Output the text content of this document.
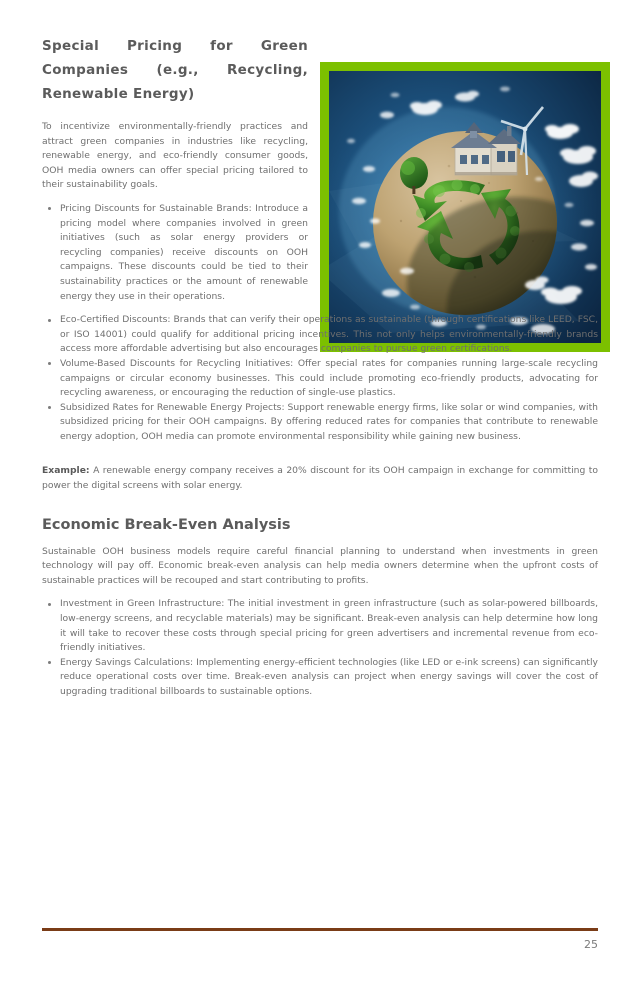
Special Pricing for Green Companies (e.g., Recycling, Renewable Energy)

To incentivize environmentally-friendly practices and attract green companies in industries like recycling, renewable energy, and eco-friendly consumer goods, OOH media owners can offer special pricing tailored to their sustainability goals.

Pricing Discounts for Sustainable Brands: Introduce a pricing model where companies involved in green initiatives (such as solar energy providers or recycling companies) receive discounts on OOH campaigns. These discounts could be tied to their sustainability practices or the amount of renewable energy they use in their operations.
Eco-Certified Discounts: Brands that can verify their operations as sustainable (through certifications like LEED, FSC, or ISO 14001) could qualify for additional pricing incentives. This not only helps environmentally-friendly brands access more affordable advertising but also encourages companies to pursue green certifications.
Volume-Based Discounts for Recycling Initiatives: Offer special rates for companies running large-scale recycling campaigns or circular economy businesses. This could include promoting eco-friendly products, advocating for recycling awareness, or encouraging the reduction of single-use plastics.
Subsidized Rates for Renewable Energy Projects: Support renewable energy firms, like solar or wind companies, with subsidized pricing for their OOH campaigns. By offering reduced rates for companies that contribute to renewable energy adoption, OOH media can promote environmental responsibility while gaining new business.

Example: A renewable energy company receives a 20% discount for its OOH campaign in exchange for committing to power the digital screens with solar energy.

Economic Break-Even Analysis

Sustainable OOH business models require careful financial planning to understand when investments in green technology will pay off. Economic break-even analysis can help media owners determine when the upfront costs of sustainable practices will be recouped and start contributing to profits.

Investment in Green Infrastructure: The initial investment in green infrastructure (such as solar-powered billboards, low-energy screens, and recyclable materials) may be significant. Break-even analysis can help determine how long it will take to recover these costs through special pricing for green advertisers and incremental revenue from eco-friendly initiatives.
Energy Savings Calculations: Implementing energy-efficient technologies (like LED or e-ink screens) can significantly reduce operational costs over time. Break-even analysis can project when energy savings will cover the cost of upgrading traditional billboards to sustainable options.
25
